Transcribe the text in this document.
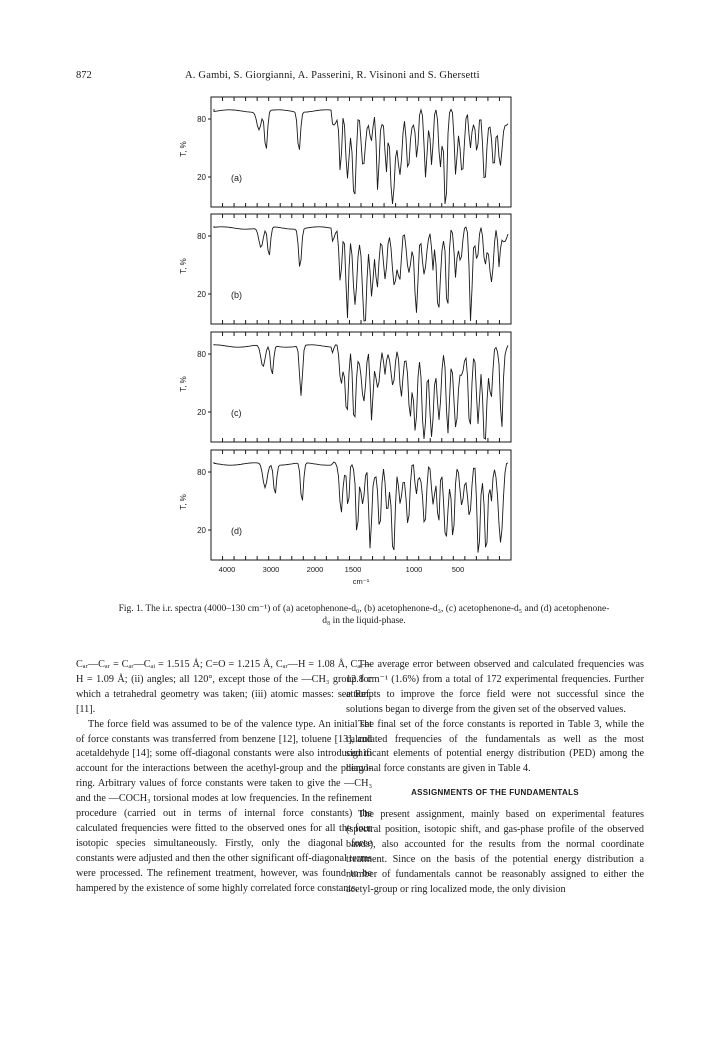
872	A. Gambi, S. Giorgianni, A. Passerini, R. Visinoni and S. Ghersetti
80
20
T, %
(a)
80
20
T, %
(b)
80
20
T, %
(c)
80
20
T, %
(d)
4000	3000	2000	1500	1000	500
cm⁻¹
Fig. 1. The i.r. spectra (4000–130 cm⁻¹) of (a) acetophenone-d₀, (b) acetophenone-d₃, (c) acetophenone-d₅ and (d) acetophenone-d₈ in the liquid-phase.

Cₐᵣ—Cₐᵣ = Cₐᵣ—Cₐᵢ = 1.515 Å; C=O = 1.215 Å, Cₐᵣ—H = 1.08 Å, Cₐᵢ—H = 1.09 Å; (ii) angles; all 120°, except those of the —CH₃ group for which a tetrahedral geometry was taken; (iii) atomic masses: see Ref. [11].

The force field was assumed to be of the valence type. An initial set of force constants was transferred from benzene [12], toluene [13], and acetaldehyde [14]; some off-diagonal constants were also introduced to account for the interactions between the acethyl-group and the phenyl-ring. Arbitrary values of force constants were taken to give the —CH₃ and the —COCH₃ torsional modes at low frequencies. In the refinement procedure (carried out in terms of internal force constants) the calculated frequencies were fitted to the observed ones for all the four isotopic species simultaneously. Firstly, only the diagonal force constants were adjusted and then the other significant off-diagonal terms were processed. The refinement treatment, however, was found to be hampered by the existence of some highly correlated force constants.

The average error between observed and calculated frequencies was 12.8 cm⁻¹ (1.6%) from a total of 172 experimental frequencies. Further attempts to improve the force field were not successful since the solutions began to diverge from the given set of the observed values.

The final set of the force constants is reported in Table 3, while the calculated frequencies of the fundamentals as well as the most significant elements of potential energy distribution (PED) among the diagonal force constants are given in Table 4.

ASSIGNMENTS OF THE FUNDAMENTALS

The present assignment, mainly based on experimental features (spectral position, isotopic shift, and gas-phase profile of the observed bands), also accounted for the results from the normal coordinate treatment. Since on the basis of the potential energy distribution a number of fundamentals cannot be reasonably assigned to either the acetyl-group or ring localized mode, the only division
